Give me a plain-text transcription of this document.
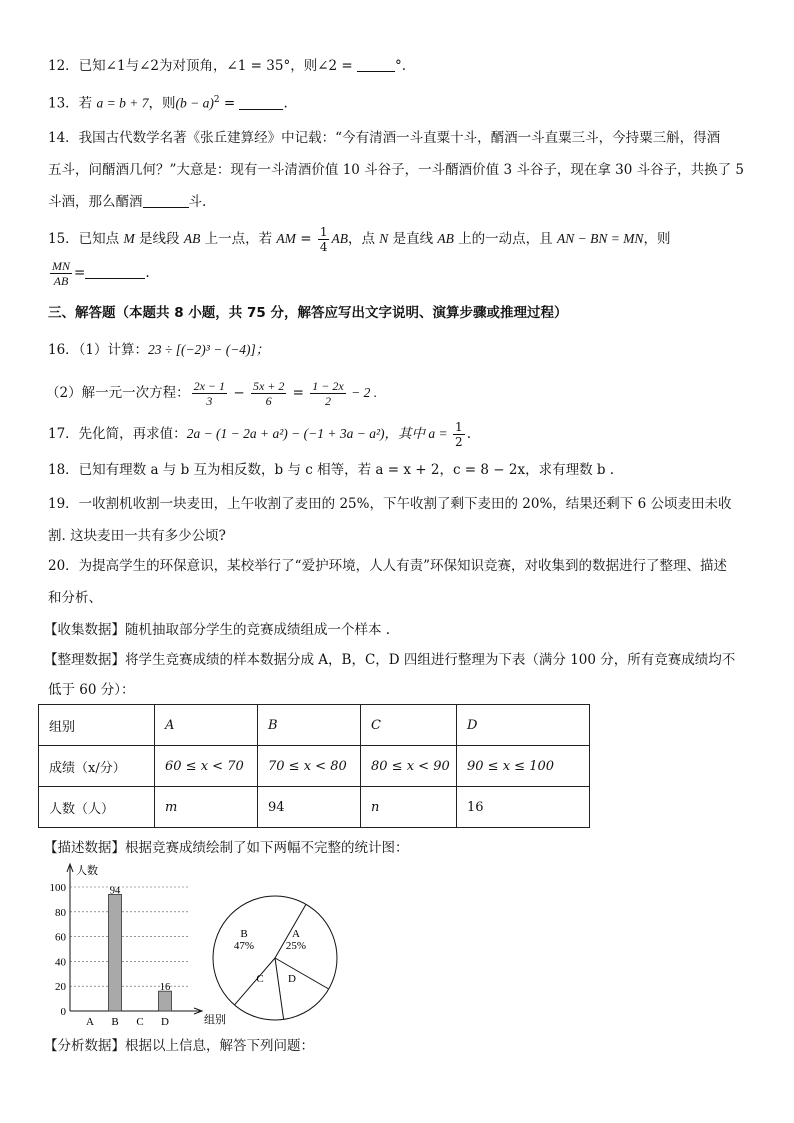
12．已知∠1与∠2为对顶角，∠1 = 35°，则∠2 =	°.
13．若 a = b + 7，则$(b - a)^2$ =	.
14．我国古代数学名著《张丘建算经》中记载：“今有清酒一斗直粟十斗，醑酒一斗直粟三斗，今持粟三斛，得酒
五斗，问醑酒几何？”大意是：现有一斗清酒价值 10 斗谷子，一斗醑酒价值 3 斗谷子，现在拿 30 斗谷子，共换了 5
斗酒，那么醑酒	斗.
15．已知点 M 是线段 AB 上一点，若 AM = $\frac{1}{4}$ AB，点 N 是直线 AB 上的一动点，且 AN − BN = MN，则
$\frac{MN}{AB}$ =	.
三、解答题（本题共 8 小题，共 75 分，解答应写出文字说明、演算步骤或推理过程）
16．（1）计算：23 ÷ [(−2)³ − (−4)]；
（2）解一元一次方程： $\frac{2x - 1}{3} - \frac{5x + 2}{6} = \frac{1 - 2x}{2} - 2$ .
17．先化简，再求值：2a − (1 − 2a + a²) − (−1 + 3a − a²)，其中 $a = \frac{1}{2}$ .
18．已知有理数 a 与 b 互为相反数，b 与 c 相等，若 a = x + 2，c = 8 − 2x，求有理数 b .
19．一收割机收割一块麦田，上午收割了麦田的 25%，下午收割了剩下麦田的 20%，结果还剩下 6 公顷麦田未收
割. 这块麦田一共有多少公顷?
20．为提高学生的环保意识，某校举行了“爱护环境，人人有责”环保知识竞赛，对收集到的数据进行了整理、描述
和分析、
【收集数据】随机抽取部分学生的竞赛成绩组成一个样本 .
【整理数据】将学生竞赛成绩的样本数据分成 A，B，C，D 四组进行整理为下表（满分 100 分，所有竞赛成绩均不
低于 60 分）：
组别	A	B	C	D
成绩（x/分）	60 ≤ x < 70	70 ≤ x < 80	80 ≤ x < 90	90 ≤ x ≤ 100
人数（人）	m	94	n	16
【描述数据】根据竞赛成绩绘制了如下两幅不完整的统计图：
0
20
40
60
80
100
人数
组别
A B
94
C D
16
A
25%
B
47%
C D
【分析数据】根据以上信息，解答下列问题：
